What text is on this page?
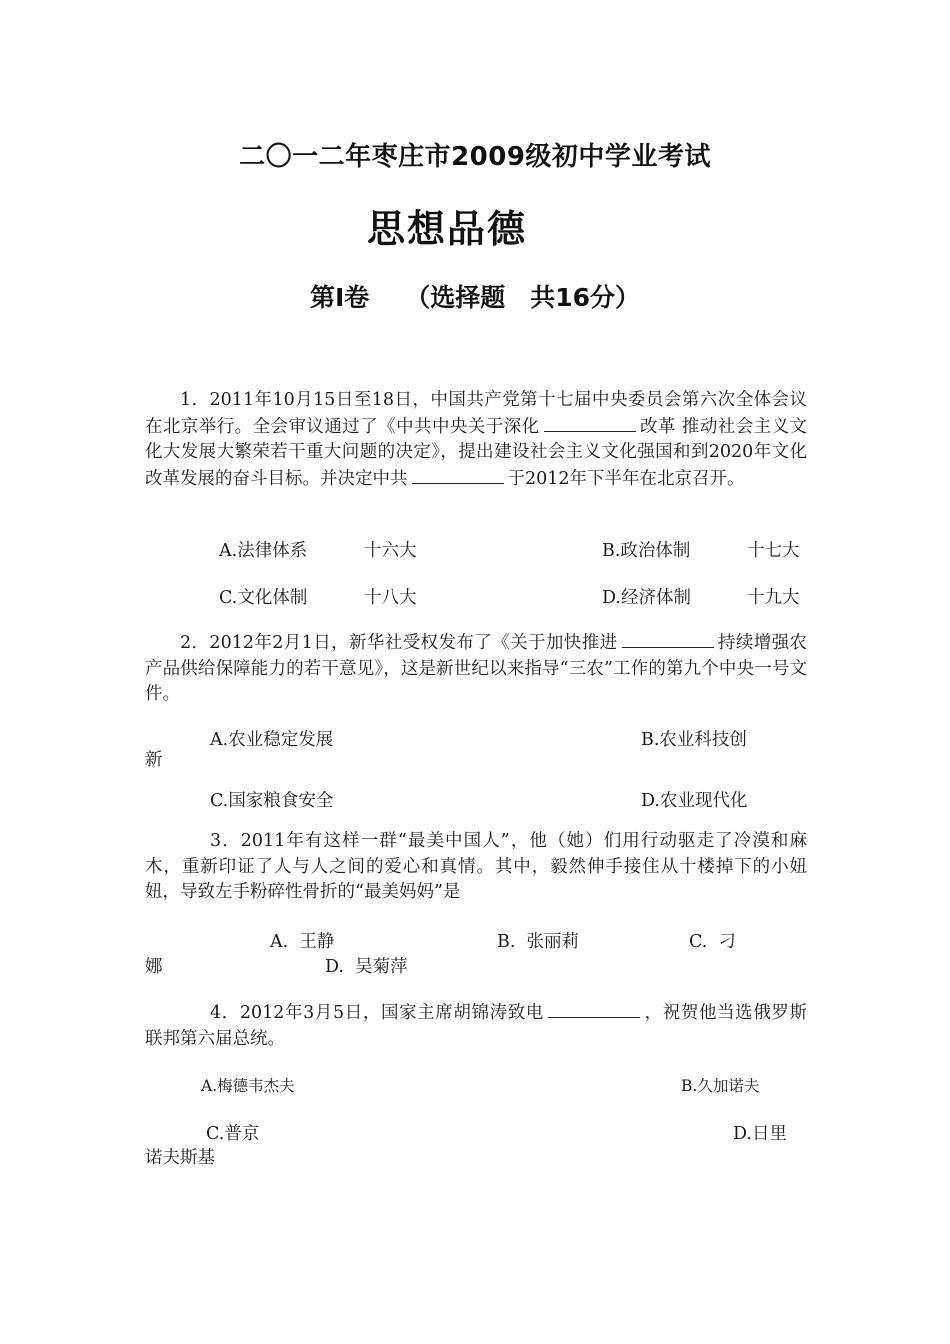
二〇一二年枣庄市2009级初中学业考试
思想品德
第Ⅰ卷 （选择题　共16分）
1．2011年10月15日至18日，中国共产党第十七届中央委员会第六次全体会议在北京举行。全会审议通过了《中共中央关于深化	改革 推动社会主义文化大发展大繁荣若干重大问题的决定》，提出建设社会主义文化强国和到2020年文化改革发展的奋斗目标。并决定中共	于2012年下半年在北京召开。
A.法律体系	十六大	B.政治体制	十七大
C.文化体制	十八大	D.经济体制	十九大
2．2012年2月1日，新华社受权发布了《关于加快推进	持续增强农产品供给保障能力的若干意见》，这是新世纪以来指导“三农”工作的第九个中央一号文件。
A.农业稳定发展	B.农业科技创
新
C.国家粮食安全	D.农业现代化
3．2011年有这样一群“最美中国人”，他（她）们用行动驱走了冷漠和麻木，重新印证了人与人之间的爱心和真情。其中，毅然伸手接住从十楼掉下的小妞妞，导致左手粉碎性骨折的“最美妈妈”是
A.  王静	B.  张丽莉	C.  刁
娜	D.  吴菊萍
4．2012年3月5日，国家主席胡锦涛致电	，祝贺他当选俄罗斯联邦第六届总统。
A.梅德韦杰夫	B.久加诺夫
C.普京	D.日里
诺夫斯基
